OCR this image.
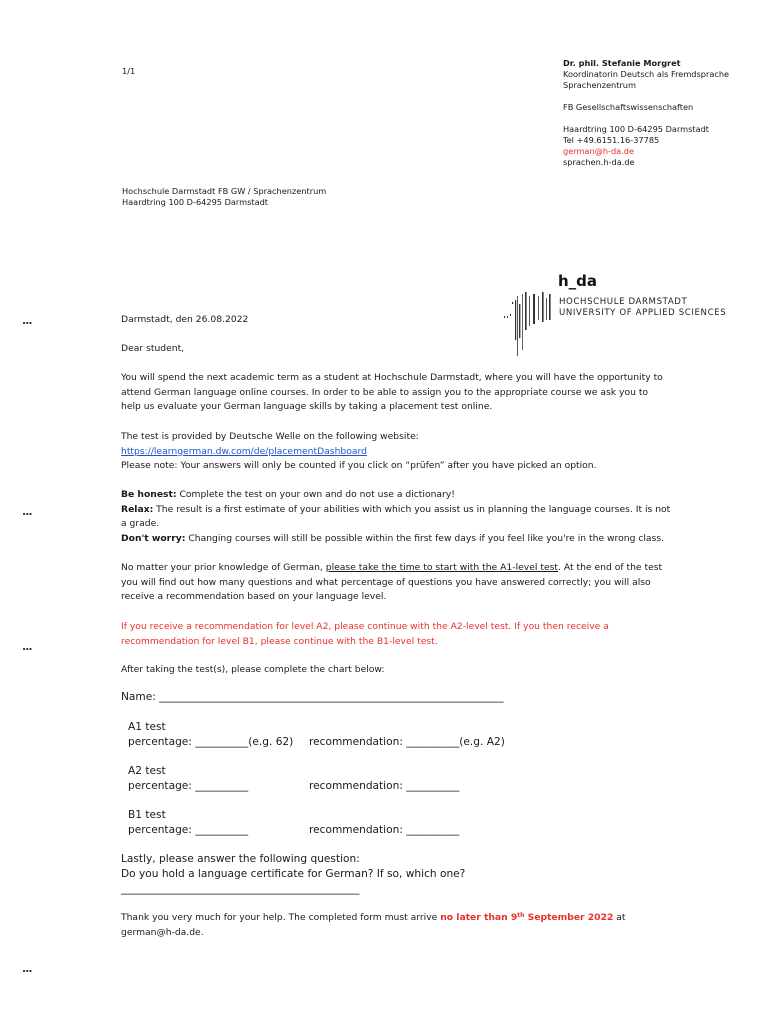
1/1
Dr. phil. Stefanie Morgret
Koordinatorin Deutsch als Fremdsprache
Sprachenzentrum
FB Gesellschaftswissenschaften
Haardtring 100 D-64295 Darmstadt
Tel +49.6151.16-37785
german@h-da.de
sprachen.h-da.de
Hochschule Darmstadt FB GW / Sprachenzentrum
Haardtring 100 D-64295 Darmstadt
h_da
HOCHSCHULE DARMSTADT
UNIVERSITY OF APPLIED SCIENCES
...
...
...
...
Darmstadt, den 26.08.2022
Dear student,
You will spend the next academic term as a student at Hochschule Darmstadt, where you will have the opportunity to
attend German language online courses. In order to be able to assign you to the appropriate course we ask you to
help us evaluate your German language skills by taking a placement test online.
The test is provided by Deutsche Welle on the following website:
https://learngerman.dw.com/de/placementDashboard
Please note: Your answers will only be counted if you click on “prüfen” after you have picked an option.
Be honest: Complete the test on your own and do not use a dictionary!
Relax: The result is a first estimate of your abilities with which you assist us in planning the language courses. It is not
a grade.
Don't worry: Changing courses will still be possible within the first few days if you feel like you're in the wrong class.
No matter your prior knowledge of German, please take the time to start with the A1-level test. At the end of the test
you will find out how many questions and what percentage of questions you have answered correctly; you will also
receive a recommendation based on your language level.
If you receive a recommendation for level A2, please continue with the A2-level test. If you then receive a
recommendation for level B1, please continue with the B1-level test.
After taking the test(s), please complete the chart below:
Name: _________________________________________________________________
A1 test
percentage: __________(e.g. 62) recommendation: __________(e.g. A2)
A2 test
percentage: __________	recommendation: __________
B1 test
percentage: __________	recommendation: __________
Lastly, please answer the following question:
Do you hold a language certificate for German? If so, which one?
_____________________________________________
Thank you very much for your help. The completed form must arrive no later than 9th September 2022 at
german@h-da.de.
